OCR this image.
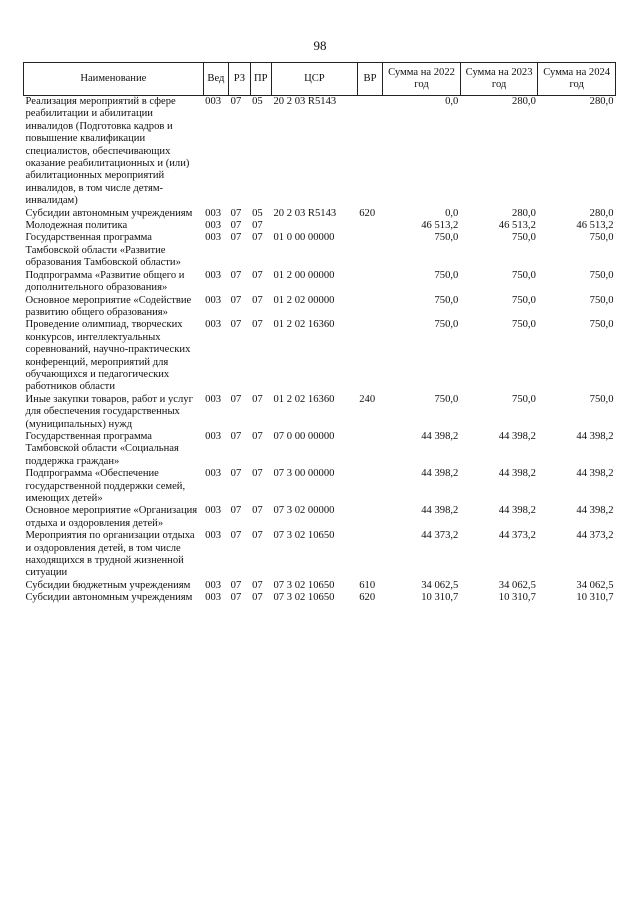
98
Наименование	Вед	РЗ	ПР	ЦСР	ВР	Сумма на 2022 год	Сумма на 2023 год	Сумма на 2024 год
Реализация мероприятий в сфере реабилитации и абилитации инвалидов (Подготовка кадров и повышение квалификации специалистов, обеспечивающих оказание реабилитационных и (или) абилитационных мероприятий инвалидов, в том числе детям-инвалидам)	003	07	05	20 2 03 R5143		0,0	280,0	280,0
Субсидии автономным учреждениям	003	07	05	20 2 03 R5143	620	0,0	280,0	280,0
Молодежная политика	003	07	07			46 513,2	46 513,2	46 513,2
Государственная программа Тамбовской области «Развитие образования Тамбовской области»	003	07	07	01 0 00 00000		750,0	750,0	750,0
Подпрограмма «Развитие общего и дополнительного образования»	003	07	07	01 2 00 00000		750,0	750,0	750,0
Основное мероприятие «Содействие развитию общего образования»	003	07	07	01 2 02 00000		750,0	750,0	750,0
Проведение олимпиад, творческих конкурсов, интеллектуальных соревнований, научно-практических конференций, мероприятий для обучающихся и педагогических работников области	003	07	07	01 2 02 16360		750,0	750,0	750,0
Иные закупки товаров, работ и услуг для обеспечения государственных (муниципальных) нужд	003	07	07	01 2 02 16360	240	750,0	750,0	750,0
Государственная программа Тамбовской области «Социальная поддержка граждан»	003	07	07	07 0 00 00000		44 398,2	44 398,2	44 398,2
Подпрограмма «Обеспечение государственной поддержки семей, имеющих детей»	003	07	07	07 3 00 00000		44 398,2	44 398,2	44 398,2
Основное мероприятие «Организация отдыха и оздоровления детей»	003	07	07	07 3 02 00000		44 398,2	44 398,2	44 398,2
Мероприятия по организации отдыха и оздоровления детей, в том числе находящихся в трудной жизненной ситуации	003	07	07	07 3 02 10650		44 373,2	44 373,2	44 373,2
Субсидии бюджетным учреждениям	003	07	07	07 3 02 10650	610	34 062,5	34 062,5	34 062,5
Субсидии автономным учреждениям	003	07	07	07 3 02 10650	620	10 310,7	10 310,7	10 310,7
